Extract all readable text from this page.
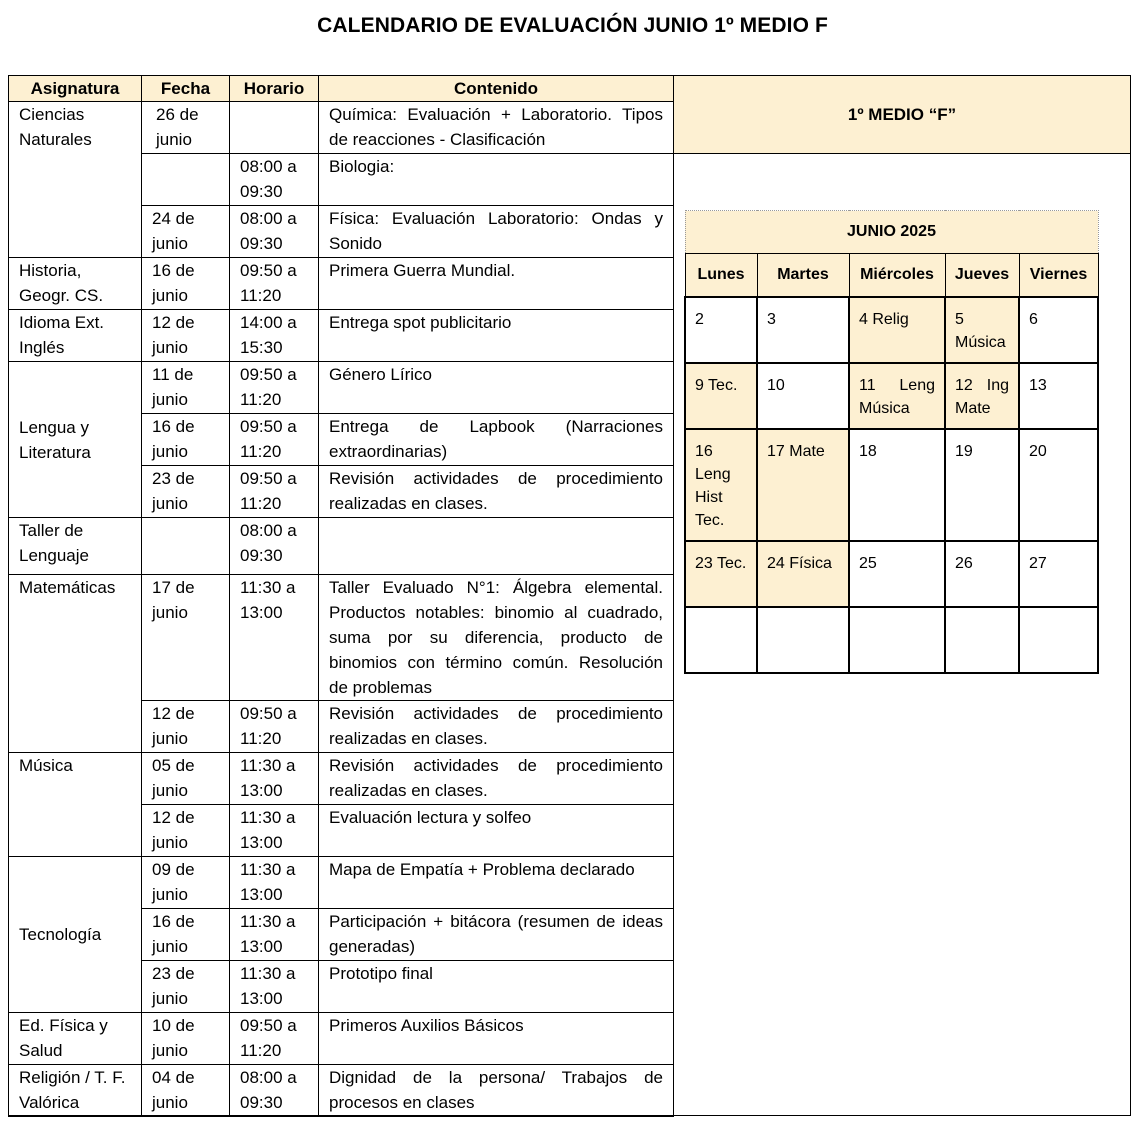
CALENDARIO DE EVALUACIÓN JUNIO 1º MEDIO F
Asignatura	Fecha	Horario	Contenido
Ciencias Naturales	26 de junio		Química: Evaluación + Laboratorio. Tipos de reacciones - Clasificación
		08:00 a 09:30	Biologia:
	24 de junio	08:00 a 09:30	Física: Evaluación Laboratorio: Ondas y Sonido
Historia, Geogr. CS.	16 de junio	09:50 a 11:20	Primera Guerra Mundial.
Idioma Ext. Inglés	12 de junio	14:00 a 15:30	Entrega spot publicitario
Lengua y Literatura	11 de junio	09:50 a 11:20	Género Lírico
	16 de junio	09:50 a 11:20	Entrega de Lapbook (Narraciones extraordinarias)
	23 de junio	09:50 a 11:20	Revisión actividades de procedimiento realizadas en clases.
Taller de Lenguaje		08:00 a 09:30	
Matemáticas	17 de junio	11:30 a 13:00	Taller Evaluado N°1: Álgebra elemental. Productos notables: binomio al cuadrado, suma por su diferencia, producto de binomios con término común. Resolución de problemas
	12 de junio	09:50 a 11:20	Revisión actividades de procedimiento realizadas en clases.
Música	05 de junio	11:30 a 13:00	Revisión actividades de procedimiento realizadas en clases.
	12 de junio	11:30 a 13:00	Evaluación lectura y solfeo
Tecnología	09 de junio	11:30 a 13:00	Mapa de Empatía + Problema declarado
	16 de junio	11:30 a 13:00	Participación + bitácora (resumen de ideas generadas)
	23 de junio	11:30 a 13:00	Prototipo final
Ed. Física y Salud	10 de junio	09:50 a 11:20	Primeros Auxilios Básicos
Religión / T. F. Valórica	04 de junio	08:00 a 09:30	Dignidad de la persona/ Trabajos de procesos en clases
1º MEDIO “F”
JUNIO 2025				
Lunes	Martes	Miércoles	Jueves	Viernes
2	3	4 Relig	5 Música	6
9 Tec.	10	11 Leng Música	12 Ing Mate	13
16 Leng Hist Tec.	17 Mate	18	19	20
23 Tec.	24 Física	25	26	27
